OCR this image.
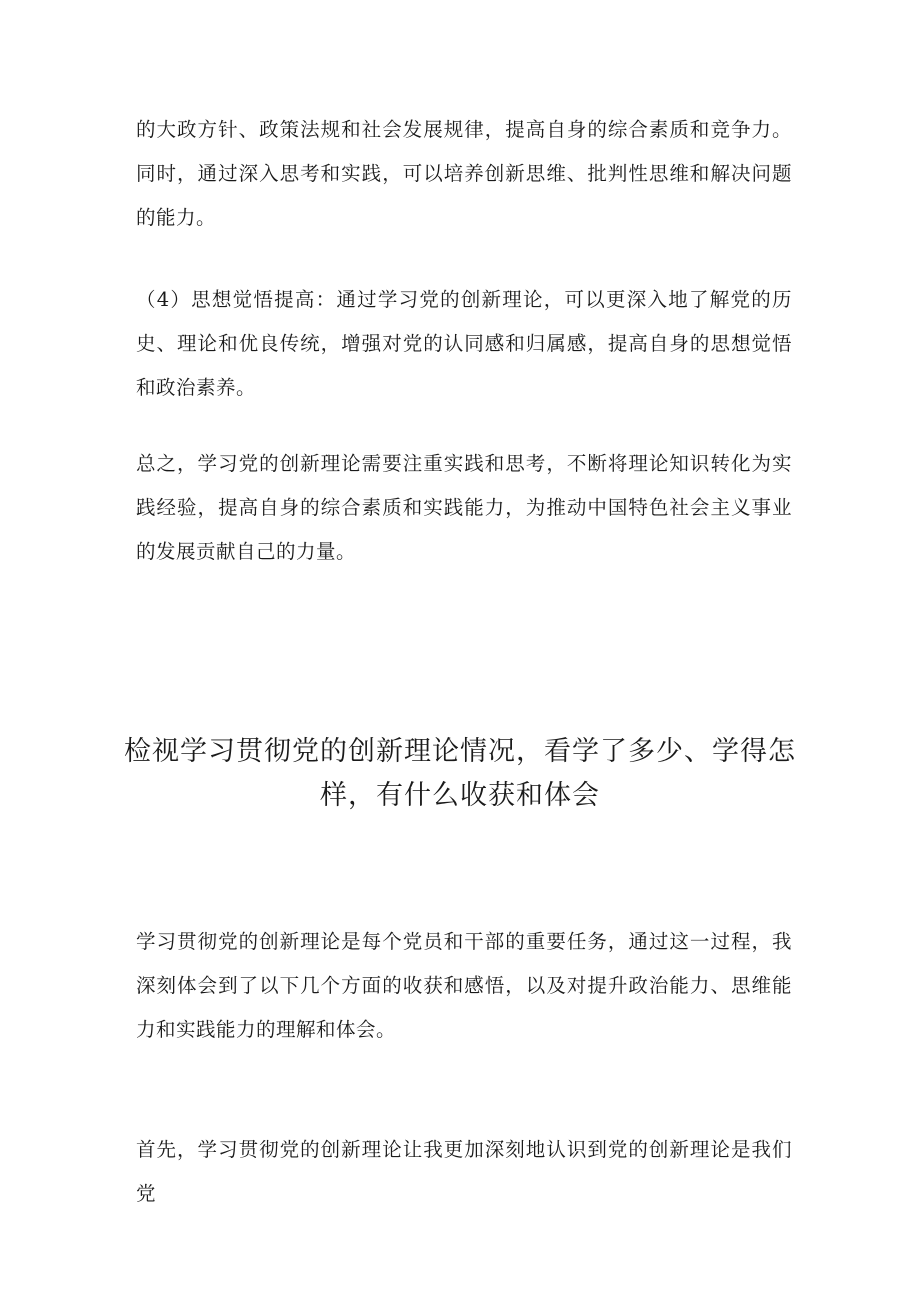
的大政方针、政策法规和社会发展规律，提高自身的综合素质和竞争力。同时，通过深入思考和实践，可以培养创新思维、批判性思维和解决问题的能力。

（4）思想觉悟提高：通过学习党的创新理论，可以更深入地了解党的历史、理论和优良传统，增强对党的认同感和归属感，提高自身的思想觉悟和政治素养。

总之，学习党的创新理论需要注重实践和思考，不断将理论知识转化为实践经验，提高自身的综合素质和实践能力，为推动中国特色社会主义事业的发展贡献自己的力量。

检视学习贯彻党的创新理论情况，看学了多少、学得怎样，有什么收获和体会

学习贯彻党的创新理论是每个党员和干部的重要任务，通过这一过程，我深刻体会到了以下几个方面的收获和感悟，以及对提升政治能力、思维能力和实践能力的理解和体会。

首先，学习贯彻党的创新理论让我更加深刻地认识到党的创新理论是我们党
